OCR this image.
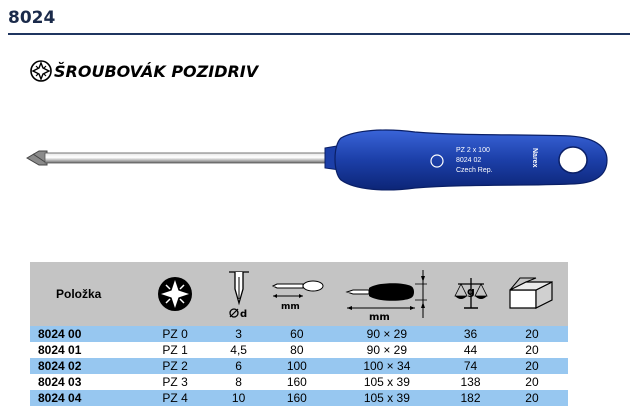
8024
ŠROUBOVÁK POZIDRIV
PZ 2 x 100
8024 02
Czech Rep.
Narex
Položka		d	mm	mm	g

8024 00	PZ 0	3	60	90 × 29	36	20
8024 01	PZ 1	4,5	80	90 × 29	44	20
8024 02	PZ 2	6	100	100 × 34	74	20
8024 03	PZ 3	8	160	105 x 39	138	20
8024 04	PZ 4	10	160	105 x 39	182	20
